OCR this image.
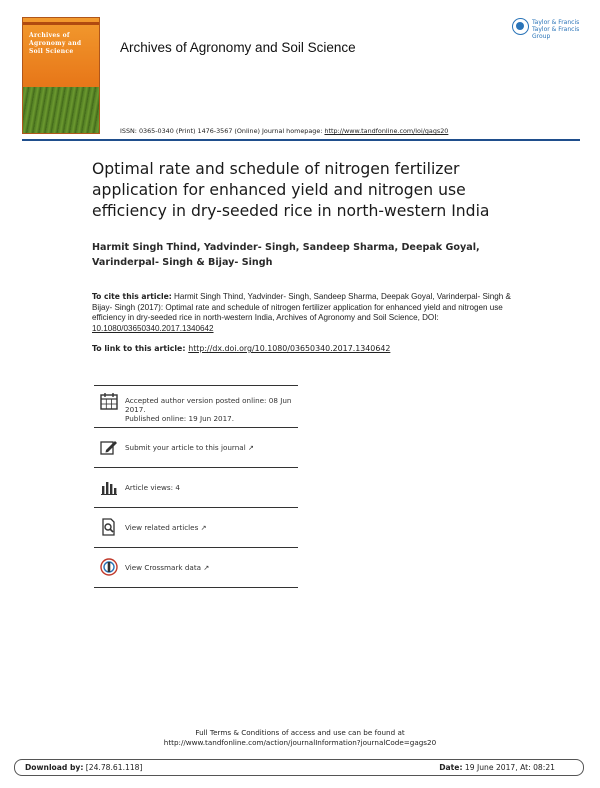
Archives of
Agronomy and
Soil Science	Archives of Agronomy and Soil Science
Taylor & Francis
Taylor & Francis Group
ISSN: 0365-0340 (Print) 1476-3567 (Online) Journal homepage: http://www.tandfonline.com/loi/gags20
Optimal rate and schedule of nitrogen fertilizer application for enhanced yield and nitrogen use efficiency in dry-seeded rice in north-western India
Harmit Singh Thind, Yadvinder- Singh, Sandeep Sharma, Deepak Goyal, Varinderpal- Singh & Bijay- Singh
To cite this article: Harmit Singh Thind, Yadvinder- Singh, Sandeep Sharma, Deepak Goyal, Varinderpal- Singh & Bijay- Singh (2017): Optimal rate and schedule of nitrogen fertilizer application for enhanced yield and nitrogen use efficiency in dry-seeded rice in north-western India, Archives of Agronomy and Soil Science, DOI: 10.1080/03650340.2017.1340642
To link to this article: http://dx.doi.org/10.1080/03650340.2017.1340642
Accepted author version posted online: 08 Jun 2017.
Published online: 19 Jun 2017.
Submit your article to this journal ↗
Article views: 4
View related articles ↗
View Crossmark data ↗
Full Terms & Conditions of access and use can be found at
http://www.tandfonline.com/action/journalInformation?journalCode=gags20
Download by: [24.78.61.118]	Date: 19 June 2017, At: 08:21
